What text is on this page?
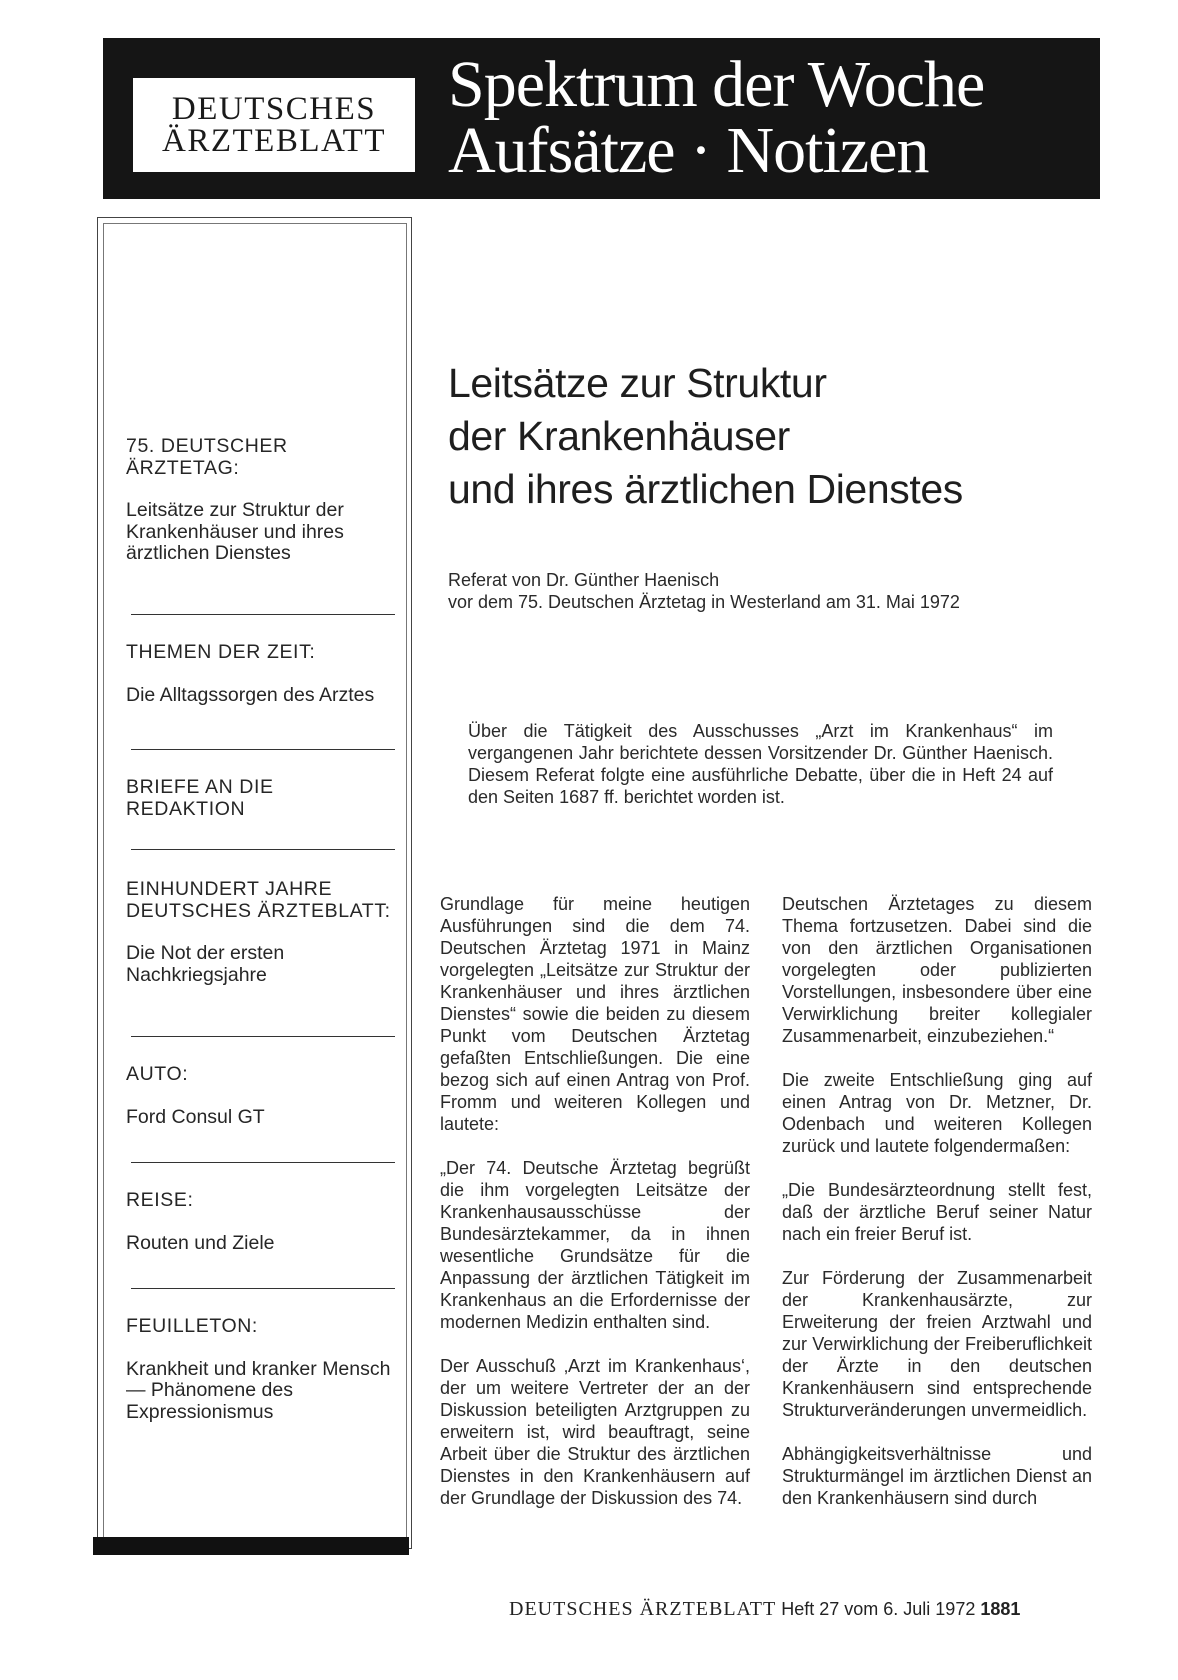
DEUTSCHES
ÄRZTEBLATT
Spektrum der Woche
Aufsätze · Notizen
75. DEUTSCHER ÄRZTETAG:
Leitsätze zur Struktur der Krankenhäuser und ihres ärztlichen Dienstes
THEMEN DER ZEIT:
Die Alltagssorgen des Arztes
BRIEFE AN DIE REDAKTION
EINHUNDERT JAHRE DEUTSCHES ÄRZTEBLATT:
Die Not der ersten Nachkriegsjahre
AUTO:
Ford Consul GT
REISE:
Routen und Ziele
FEUILLETON:
Krankheit und kranker Mensch — Phänomene des Expressionismus
Leitsätze zur Struktur
der Krankenhäuser
und ihres ärztlichen Dienstes
Referat von Dr. Günther Haenisch
vor dem 75. Deutschen Ärztetag in Westerland am 31. Mai 1972
Über die Tätigkeit des Ausschusses „Arzt im Krankenhaus“ im vergangenen Jahr berichtete dessen Vorsitzender Dr. Günther Haenisch. Diesem Referat folgte eine ausführliche Debatte, über die in Heft 24 auf den Seiten 1687 ff. berichtet worden ist.

Grundlage für meine heutigen Ausführungen sind die dem 74. Deutschen Ärztetag 1971 in Mainz vorgelegten „Leitsätze zur Struktur der Krankenhäuser und ihres ärztlichen Dienstes“ sowie die beiden zu diesem Punkt vom Deutschen Ärztetag gefaßten Entschließungen. Die eine bezog sich auf einen Antrag von Prof. Fromm und weiteren Kollegen und lautete:

„Der 74. Deutsche Ärztetag begrüßt die ihm vorgelegten Leitsätze der Krankenhausausschüsse der Bundesärztekammer, da in ihnen wesentliche Grundsätze für die Anpassung der ärztlichen Tätigkeit im Krankenhaus an die Erfordernisse der modernen Medizin enthalten sind.

Der Ausschuß ‚Arzt im Krankenhaus‘, der um weitere Vertreter der an der Diskussion beteiligten Arztgruppen zu erweitern ist, wird beauftragt, seine Arbeit über die Struktur des ärztlichen Dienstes in den Krankenhäusern auf der Grundlage der Diskussion des 74.

Deutschen Ärztetages zu diesem Thema fortzusetzen. Dabei sind die von den ärztlichen Organisationen vorgelegten oder publizierten Vorstellungen, insbesondere über eine Verwirklichung breiter kollegialer Zusammenarbeit, einzubeziehen.“

Die zweite Entschließung ging auf einen Antrag von Dr. Metzner, Dr. Odenbach und weiteren Kollegen zurück und lautete folgendermaßen:

„Die Bundesärzteordnung stellt fest, daß der ärztliche Beruf seiner Natur nach ein freier Beruf ist.

Zur Förderung der Zusammenarbeit der Krankenhausärzte, zur Erweiterung der freien Arztwahl und zur Verwirklichung der Freiberuflichkeit der Ärzte in den deutschen Krankenhäusern sind entsprechende Strukturveränderungen unvermeidlich.

Abhängigkeitsverhältnisse und Strukturmängel im ärztlichen Dienst an den Krankenhäusern sind durch

DEUTSCHES ÄRZTEBLATT Heft 27 vom 6. Juli 1972 1881
